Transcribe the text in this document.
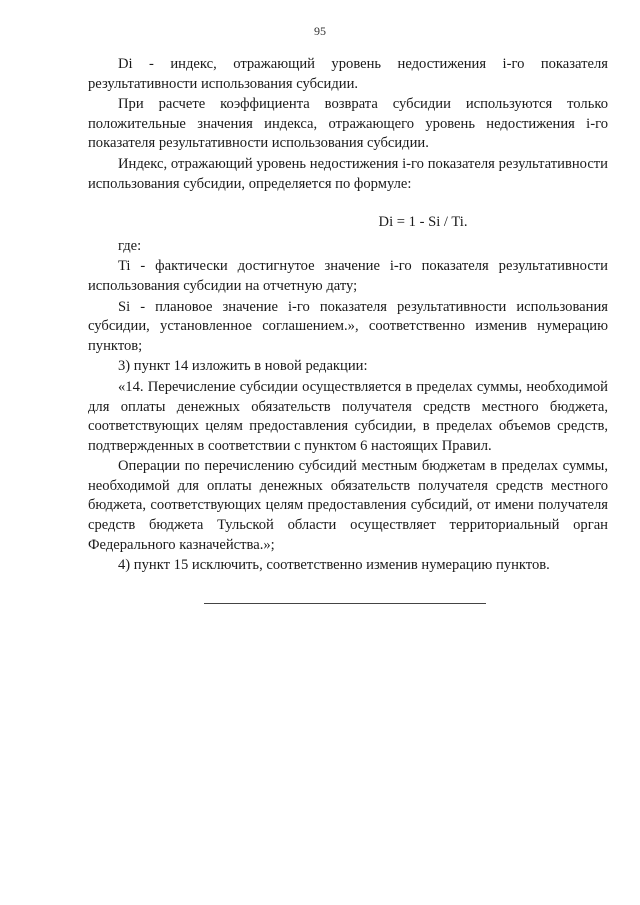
95

Di - индекс, отражающий уровень недостижения i-го показателя результативности использования субсидии.

При расчете коэффициента возврата субсидии используются только положительные значения индекса, отражающего уровень недостижения i-го показателя результативности использования субсидии.

Индекс, отражающий уровень недостижения i-го показателя результативности использования субсидии, определяется по формуле:

Di = 1 - Si / Ti.

где:

Ti - фактически достигнутое значение i-го показателя результативности использования субсидии на отчетную дату;

Si - плановое значение i-го показателя результативности использования субсидии, установленное соглашением.», соответственно изменив нумерацию пунктов;

3) пункт 14 изложить в новой редакции:

«14. Перечисление субсидии осуществляется в пределах суммы, необходимой для оплаты денежных обязательств получателя средств местного бюджета, соответствующих целям предоставления субсидии, в пределах объемов средств, подтвержденных в соответствии с пунктом 6 настоящих Правил.

Операции по перечислению субсидий местным бюджетам в пределах суммы, необходимой для оплаты денежных обязательств получателя средств местного бюджета, соответствующих целям предоставления субсидий, от имени получателя средств бюджета Тульской области осуществляет территориальный орган Федерального казначейства.»;

4) пункт 15 исключить, соответственно изменив нумерацию пунктов.
